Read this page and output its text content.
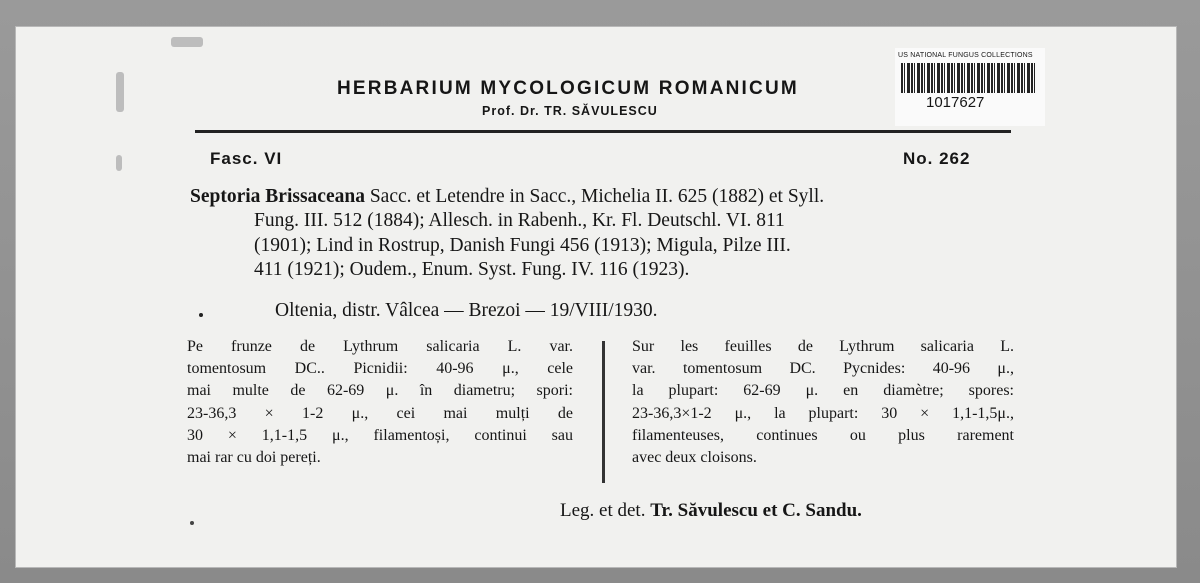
HERBARIUM MYCOLOGICUM ROMANICUM
Prof. Dr. TR. SĂVULESCU
US NATIONAL FUNGUS COLLECTIONS
1017627
Fasc. VI	No. 262
Septoria Brissaceana Sacc. et Letendre in Sacc., Michelia II. 625 (1882) et Syll.
Fung. III. 512 (1884); Allesch. in Rabenh., Kr. Fl. Deutschl. VI. 811
(1901); Lind in Rostrup, Danish Fungi 456 (1913); Migula, Pilze III.
411 (1921); Oudem., Enum. Syst. Fung. IV. 116 (1923).
Oltenia, distr. Vâlcea — Brezoi — 19/VIII/1930.
Pe frunze de Lythrum salicaria L. var.
tomentosum DC.. Picnidii: 40-96 μ., cele
mai multe de 62-69 μ. în diametru; spori:
23-36,3 × 1-2 μ., cei mai mulți de
30 × 1,1-1,5 μ., filamentoși, continui sau
mai rar cu doi pereți.
Sur les feuilles de Lythrum salicaria L.
var. tomentosum DC. Pycnides: 40-96 μ.,
la plupart: 62-69 μ. en diamètre; spores:
23-36,3×1-2 μ., la plupart: 30 × 1,1-1,5μ.,
filamenteuses, continues ou plus rarement
avec deux cloisons.
Leg. et det. Tr. Săvulescu et C. Sandu.
